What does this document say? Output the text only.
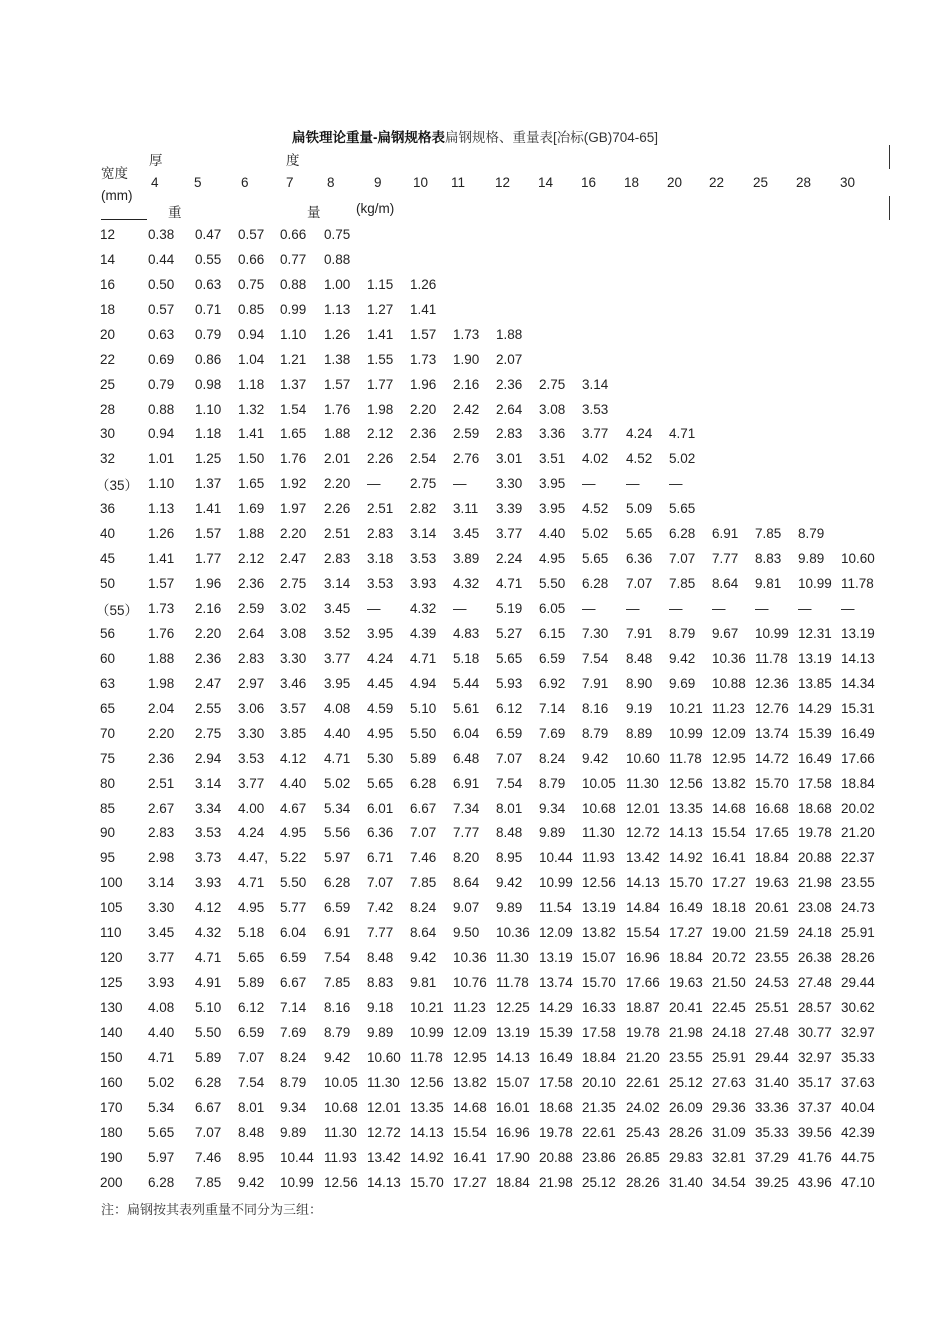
扁铁理论重量-扁钢规格表扁钢规格、重量表[冶标(GB)704-65]
宽度
(mm)
厚	度
重	量	(kg/m)
4	5	6	7 8	9 10 11 12 14 16 18 20 22 25 28 30
12	0.38	0.47	0.57	0.66	0.75												
14	0.44	0.55	0.66	0.77	0.88												
16	0.50	0.63	0.75	0.88	1.00	1.15	1.26										
18	0.57	0.71	0.85	0.99	1.13	1.27	1.41										
20	0.63	0.79	0.94	1.10	1.26	1.41	1.57	1.73	1.88								
22	0.69	0.86	1.04	1.21	1.38	1.55	1.73	1.90	2.07								
25	0.79	0.98	1.18	1.37	1.57	1.77	1.96	2.16	2.36	2.75	3.14						
28	0.88	1.10	1.32	1.54	1.76	1.98	2.20	2.42	2.64	3.08	3.53						
30	0.94	1.18	1.41	1.65	1.88	2.12	2.36	2.59	2.83	3.36	3.77	4.24	4.71				
32	1.01	1.25	1.50	1.76	2.01	2.26	2.54	2.76	3.01	3.51	4.02	4.52	5.02				
（35）	1.10	1.37	1.65	1.92	2.20	—	2.75	—	3.30	3.95	—	—	—				
36	1.13	1.41	1.69	1.97	2.26	2.51	2.82	3.11	3.39	3.95	4.52	5.09	5.65				
40	1.26	1.57	1.88	2.20	2.51	2.83	3.14	3.45	3.77	4.40	5.02	5.65	6.28	6.91	7.85	8.79	
45	1.41	1.77	2.12	2.47	2.83	3.18	3.53	3.89	2.24	4.95	5.65	6.36	7.07	7.77	8.83	9.89	10.60
50	1.57	1.96	2.36	2.75	3.14	3.53	3.93	4.32	4.71	5.50	6.28	7.07	7.85	8.64	9.81	10.99	11.78
（55）	1.73	2.16	2.59	3.02	3.45	—	4.32	—	5.19	6.05	—	—	—	—	—	—	—
56	1.76	2.20	2.64	3.08	3.52	3.95	4.39	4.83	5.27	6.15	7.30	7.91	8.79	9.67	10.99	12.31	13.19
60	1.88	2.36	2.83	3.30	3.77	4.24	4.71	5.18	5.65	6.59	7.54	8.48	9.42	10.36	11.78	13.19	14.13
63	1.98	2.47	2.97	3.46	3.95	4.45	4.94	5.44	5.93	6.92	7.91	8.90	9.69	10.88	12.36	13.85	14.34
65	2.04	2.55	3.06	3.57	4.08	4.59	5.10	5.61	6.12	7.14	8.16	9.19	10.21	11.23	12.76	14.29	15.31
70	2.20	2.75	3.30	3.85	4.40	4.95	5.50	6.04	6.59	7.69	8.79	8.89	10.99	12.09	13.74	15.39	16.49
75	2.36	2.94	3.53	4.12	4.71	5.30	5.89	6.48	7.07	8.24	9.42	10.60	11.78	12.95	14.72	16.49	17.66
80	2.51	3.14	3.77	4.40	5.02	5.65	6.28	6.91	7.54	8.79	10.05	11.30	12.56	13.82	15.70	17.58	18.84
85	2.67	3.34	4.00	4.67	5.34	6.01	6.67	7.34	8.01	9.34	10.68	12.01	13.35	14.68	16.68	18.68	20.02
90	2.83	3.53	4.24	4.95	5.56	6.36	7.07	7.77	8.48	9.89	11.30	12.72	14.13	15.54	17.65	19.78	21.20
95	2.98	3.73	4.47,	5.22	5.97	6.71	7.46	8.20	8.95	10.44	11.93	13.42	14.92	16.41	18.84	20.88	22.37
100	3.14	3.93	4.71	5.50	6.28	7.07	7.85	8.64	9.42	10.99	12.56	14.13	15.70	17.27	19.63	21.98	23.55
105	3.30	4.12	4.95	5.77	6.59	7.42	8.24	9.07	9.89	11.54	13.19	14.84	16.49	18.18	20.61	23.08	24.73
110	3.45	4.32	5.18	6.04	6.91	7.77	8.64	9.50	10.36	12.09	13.82	15.54	17.27	19.00	21.59	24.18	25.91
120	3.77	4.71	5.65	6.59	7.54	8.48	9.42	10.36	11.30	13.19	15.07	16.96	18.84	20.72	23.55	26.38	28.26
125	3.93	4.91	5.89	6.67	7.85	8.83	9.81	10.76	11.78	13.74	15.70	17.66	19.63	21.50	24.53	27.48	29.44
130	4.08	5.10	6.12	7.14	8.16	9.18	10.21	11.23	12.25	14.29	16.33	18.87	20.41	22.45	25.51	28.57	30.62
140	4.40	5.50	6.59	7.69	8.79	9.89	10.99	12.09	13.19	15.39	17.58	19.78	21.98	24.18	27.48	30.77	32.97
150	4.71	5.89	7.07	8.24	9.42	10.60	11.78	12.95	14.13	16.49	18.84	21.20	23.55	25.91	29.44	32.97	35.33
160	5.02	6.28	7.54	8.79	10.05	11.30	12.56	13.82	15.07	17.58	20.10	22.61	25.12	27.63	31.40	35.17	37.63
170	5.34	6.67	8.01	9.34	10.68	12.01	13.35	14.68	16.01	18.68	21.35	24.02	26.09	29.36	33.36	37.37	40.04
180	5.65	7.07	8.48	9.89	11.30	12.72	14.13	15.54	16.96	19.78	22.61	25.43	28.26	31.09	35.33	39.56	42.39
190	5.97	7.46	8.95	10.44	11.93	13.42	14.92	16.41	17.90	20.88	23.86	26.85	29.83	32.81	37.29	41.76	44.75
200	6.28	7.85	9.42	10.99	12.56	14.13	15.70	17.27	18.84	21.98	25.12	28.26	31.40	34.54	39.25	43.96	47.10
注：扁钢按其表列重量不同分为三组：
